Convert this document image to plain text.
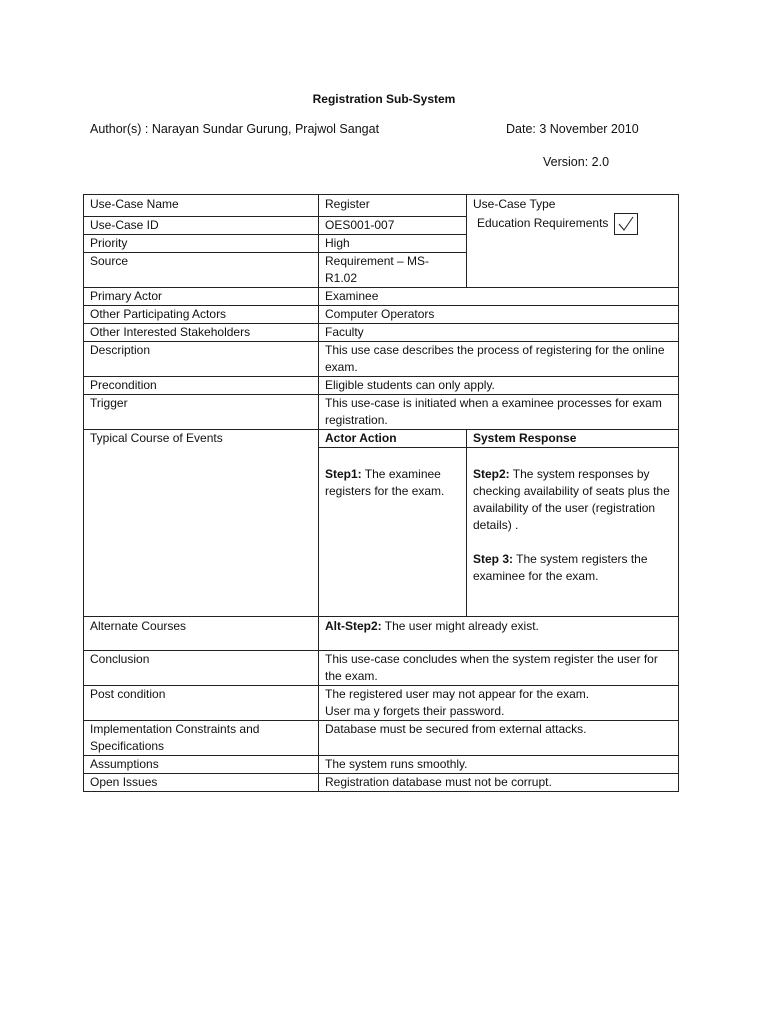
Registration Sub-System
Author(s) : Narayan Sundar Gurung, Prajwol Sangat	Date: 3 November 2010
Version: 2.0
Use-Case Name	Register	Use-Case Type
Education Requirements

Use-Case ID	OES001-007	
Priority	High	
Source	Requirement – MS-R1.02	
Primary Actor	Examinee	
Other Participating Actors	Computer Operators	
Other Interested Stakeholders	Faculty	
Description	This use case describes the process of registering for the online exam.	
Precondition	Eligible students can only apply.	
Trigger	This use-case is initiated when a examinee processes for exam registration.	
Typical Course of Events	Actor Action	System Response
	Step1: The examinee registers for the exam.	Step2: The system responses by checking availability of seats plus the availability of the user (registration details) .
Step 3: The system registers the examinee for the exam.

Alternate Courses	Alt-Step2: The user might already exist.	
Conclusion	This use-case concludes when the system register the user for the exam.	
Post condition	The registered user may not appear for the exam.
User ma y forgets their password.	

Implementation Constraints and Specifications	Database must be secured from external attacks.	
Assumptions	The system runs smoothly.	
Open Issues	Registration database must not be corrupt.	
